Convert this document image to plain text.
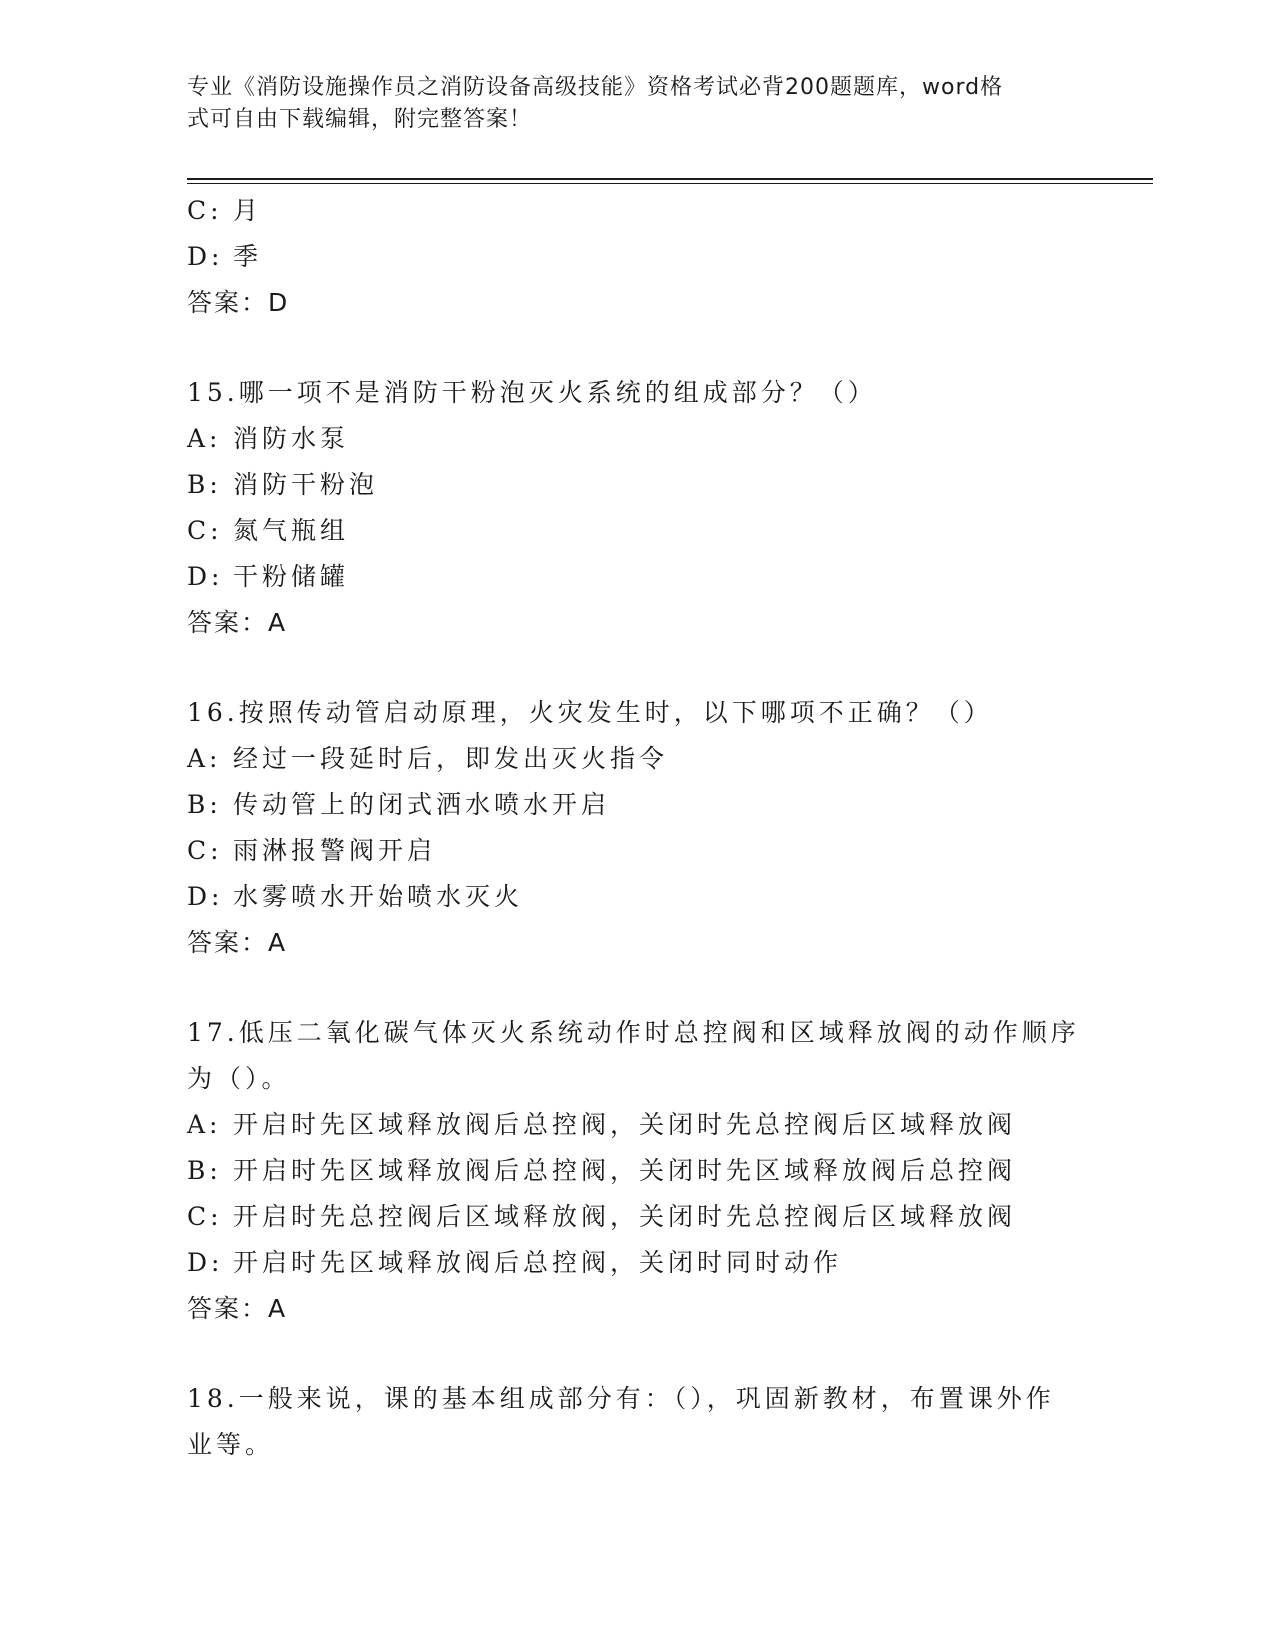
专业《消防设施操作员之消防设备高级技能》资格考试必背200题题库，word格
式可自由下载编辑，附完整答案！
C: 月
D: 季
答案：D
15.哪一项不是消防干粉泡灭火系统的组成部分？（）
A: 消防水泵
B: 消防干粉泡
C: 氮气瓶组
D: 干粉储罐
答案：A
16.按照传动管启动原理，火灾发生时，以下哪项不正确？（）
A: 经过一段延时后，即发出灭火指令
B: 传动管上的闭式洒水喷水开启
C: 雨淋报警阀开启
D: 水雾喷水开始喷水灭火
答案：A
17.低压二氧化碳气体灭火系统动作时总控阀和区域释放阀的动作顺序
为（）。
A: 开启时先区域释放阀后总控阀，关闭时先总控阀后区域释放阀
B: 开启时先区域释放阀后总控阀，关闭时先区域释放阀后总控阀
C: 开启时先总控阀后区域释放阀，关闭时先总控阀后区域释放阀
D: 开启时先区域释放阀后总控阀，关闭时同时动作
答案：A
18.一般来说，课的基本组成部分有：（），巩固新教材，布置课外作
业等。
